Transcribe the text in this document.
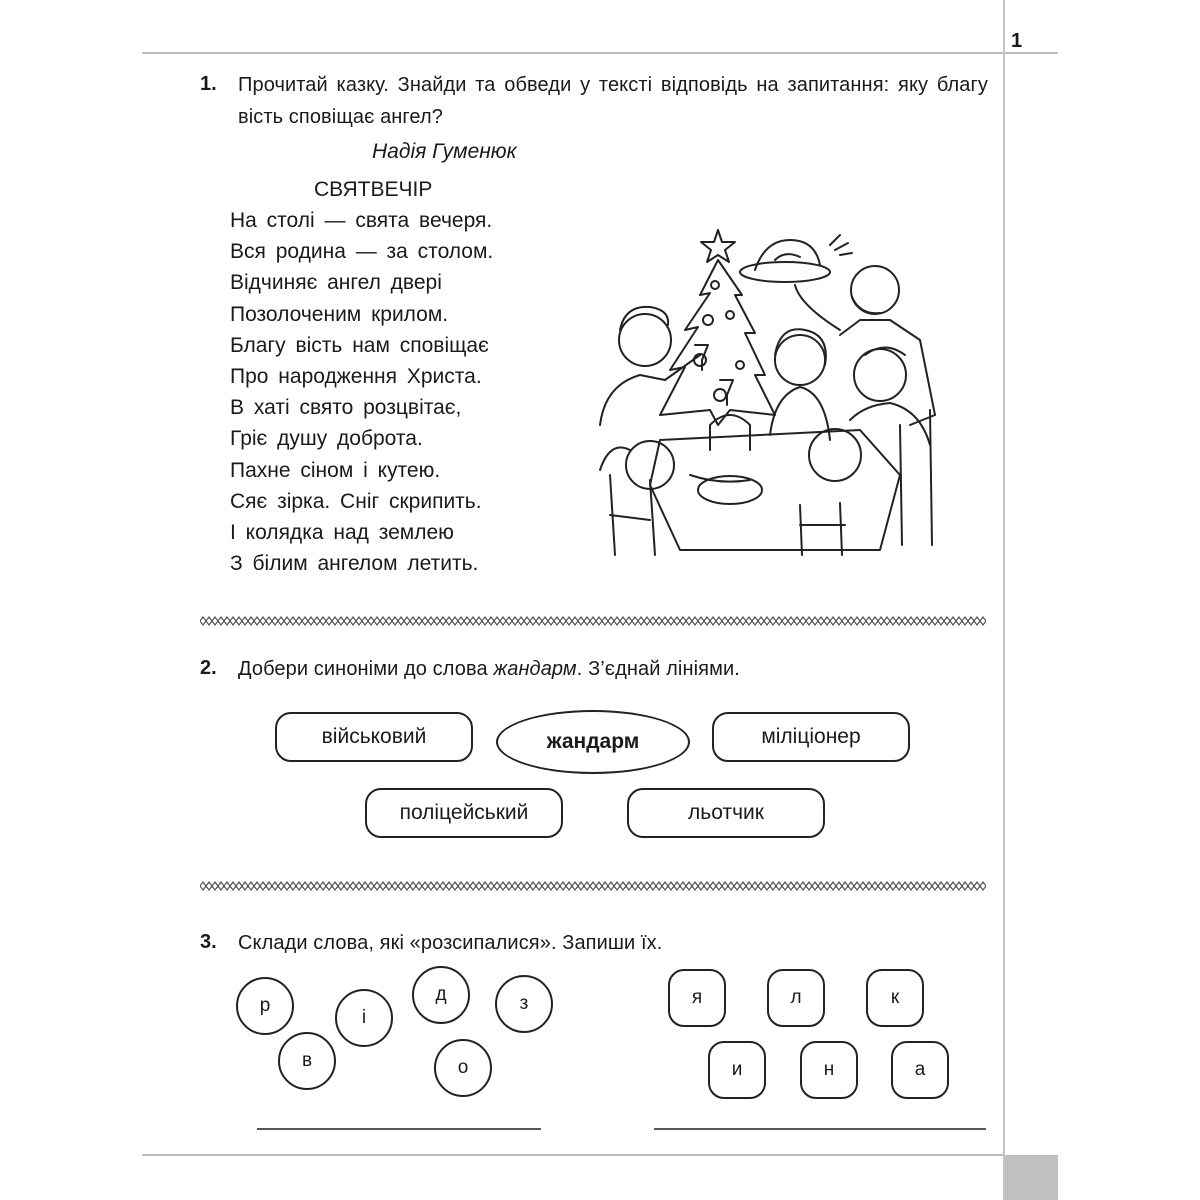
1
1. Прочитай казку. Знайди та обведи у тексті відповідь на запитання: яку благу вість сповіщає ангел?
Надія Гуменюк
СВЯТВЕЧІР
На столі — свята вечеря.
Вся родина — за столом.
Відчиняє ангел двері
Позолоченим крилом.
Благу вість нам сповіщає
Про народження Христа.
В хаті свято розцвітає,
Гріє душу доброта.
Пахне сіном і кутею.
Сяє зірка. Сніг скрипить.
І колядка над землею
З білим ангелом летить.
2. Добери синоніми до слова жандарм. З’єднай лініями.
військовий	жандарм	міліціонер
поліцейський	льотчик
3. Склади слова, які «розсипалися». Запиши їх.
р
і
д	з
в	о
я	л	к
и	н	а
